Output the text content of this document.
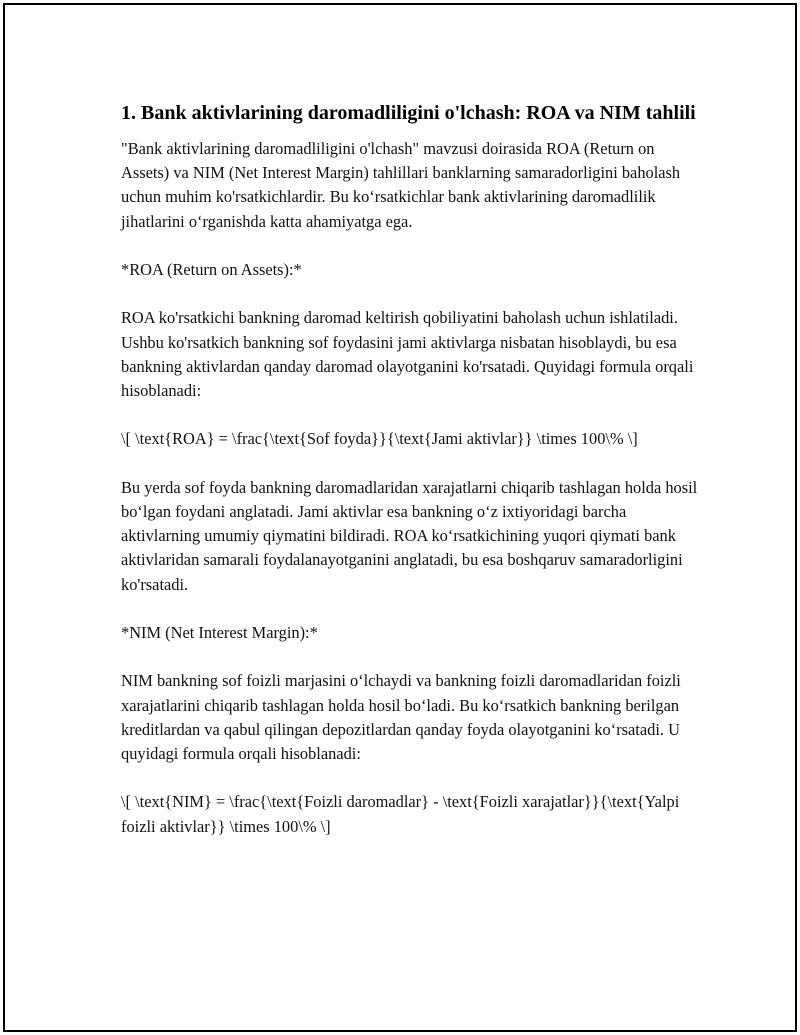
1. Bank aktivlarining daromadliligini o'lchash: ROA va NIM tahlili

"Bank aktivlarining daromadliligini o'lchash" mavzusi doirasida ROA (Return on Assets) va NIM (Net Interest Margin) tahlillari banklarning samaradorligini baholash uchun muhim ko'rsatkichlardir. Bu koʻrsatkichlar bank aktivlarining daromadlilik jihatlarini oʻrganishda katta ahamiyatga ega.

*ROA (Return on Assets):*

ROA ko'rsatkichi bankning daromad keltirish qobiliyatini baholash uchun ishlatiladi. Ushbu ko'rsatkich bankning sof foydasini jami aktivlarga nisbatan hisoblaydi, bu esa bankning aktivlardan qanday daromad olayotganini ko'rsatadi. Quyidagi formula orqali hisoblanadi:

\[ \text{ROA} = \frac{\text{Sof foyda}}{\text{Jami aktivlar}} \times 100\% \]

Bu yerda sof foyda bankning daromadlaridan xarajatlarni chiqarib tashlagan holda hosil boʻlgan foydani anglatadi. Jami aktivlar esa bankning oʻz ixtiyoridagi barcha aktivlarning umumiy qiymatini bildiradi. ROA koʻrsatkichining yuqori qiymati bank aktivlaridan samarali foydalanayotganini anglatadi, bu esa boshqaruv samaradorligini ko'rsatadi.

*NIM (Net Interest Margin):*

NIM bankning sof foizli marjasini oʻlchaydi va bankning foizli daromadlaridan foizli xarajatlarini chiqarib tashlagan holda hosil boʻladi. Bu koʻrsatkich bankning berilgan kreditlardan va qabul qilingan depozitlardan qanday foyda olayotganini koʻrsatadi. U quyidagi formula orqali hisoblanadi:

\[ \text{NIM} = \frac{\text{Foizli daromadlar} - \text{Foizli xarajatlar}}{\text{Yalpi foizli aktivlar}} \times 100\% \]
